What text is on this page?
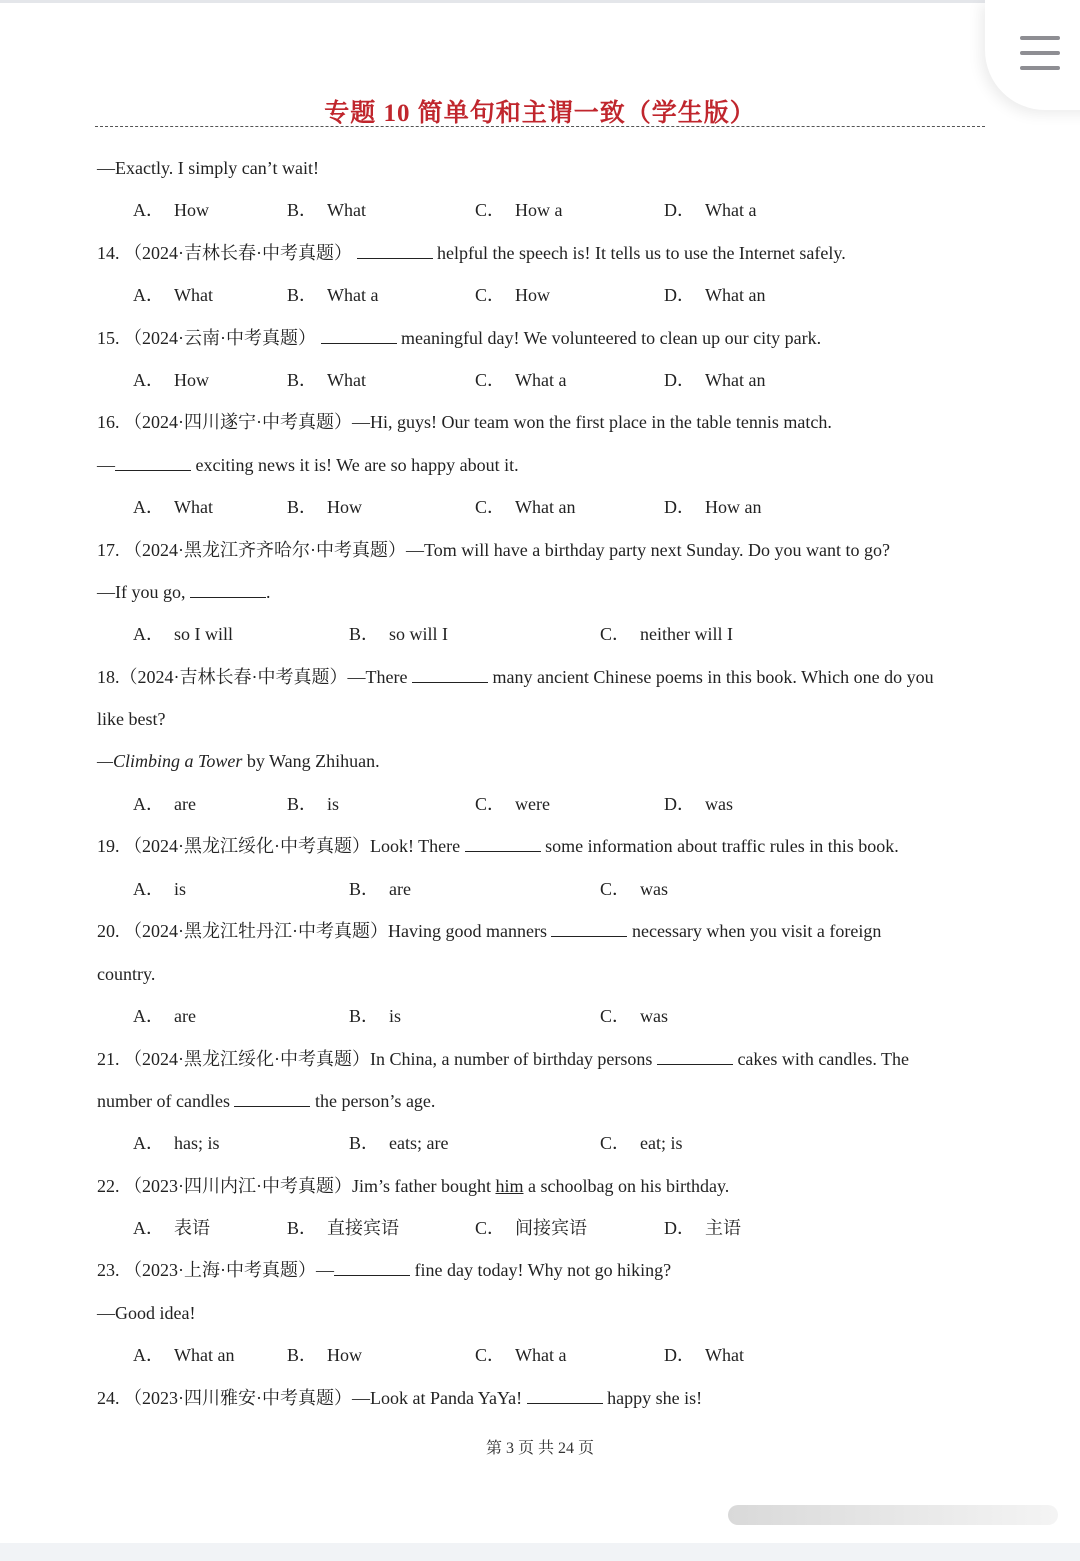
专题 10 简单句和主谓一致（学生版）
—Exactly. I simply can’t wait!
A． How	B． What	C． How a	D． What a
14. （2024·吉林长春·中考真题）	helpful the speech is! It tells us to use the Internet safely.
A． What	B． What a	C． How	D． What an
15. （2024·云南·中考真题）	meaningful day! We volunteered to clean up our city park.
A． How	B． What	C． What a	D． What an
16. （2024·四川遂宁·中考真题）—Hi, guys! Our team won the first place in the table tennis match.
—	exciting news it is! We are so happy about it.
A． What	B． How	C． What an	D． How an
17. （2024·黑龙江齐齐哈尔·中考真题）—Tom will have a birthday party next Sunday. Do you want to go?
—If you go,	.
A． so I will	B． so will I	C． neither will I
18.（2024·吉林长春·中考真题）—There	many ancient Chinese poems in this book. Which one do you
like best?
—Climbing a Tower by Wang Zhihuan.
A． are	B． is	C． were	D． was
19. （2024·黑龙江绥化·中考真题）Look! There	some information about traffic rules in this book.
A． is	B． are	C． was
20. （2024·黑龙江牡丹江·中考真题）Having good manners	necessary when you visit a foreign
country.
A． are	B． is	C． was
21. （2024·黑龙江绥化·中考真题）In China, a number of birthday persons	cakes with candles. The
number of candles	the person’s age.
A． has; is	B． eats; are	C． eat; is
22. （2023·四川内江·中考真题）Jim’s father bought him a schoolbag on his birthday.
A． 表语	B． 直接宾语	C． 间接宾语	D． 主语
23. （2023·上海·中考真题）—	fine day today! Why not go hiking?
—Good idea!
A． What an	B． How	C． What a	D． What
24. （2023·四川雅安·中考真题）—Look at Panda YaYa!	happy she is!
第 3 页 共 24 页
